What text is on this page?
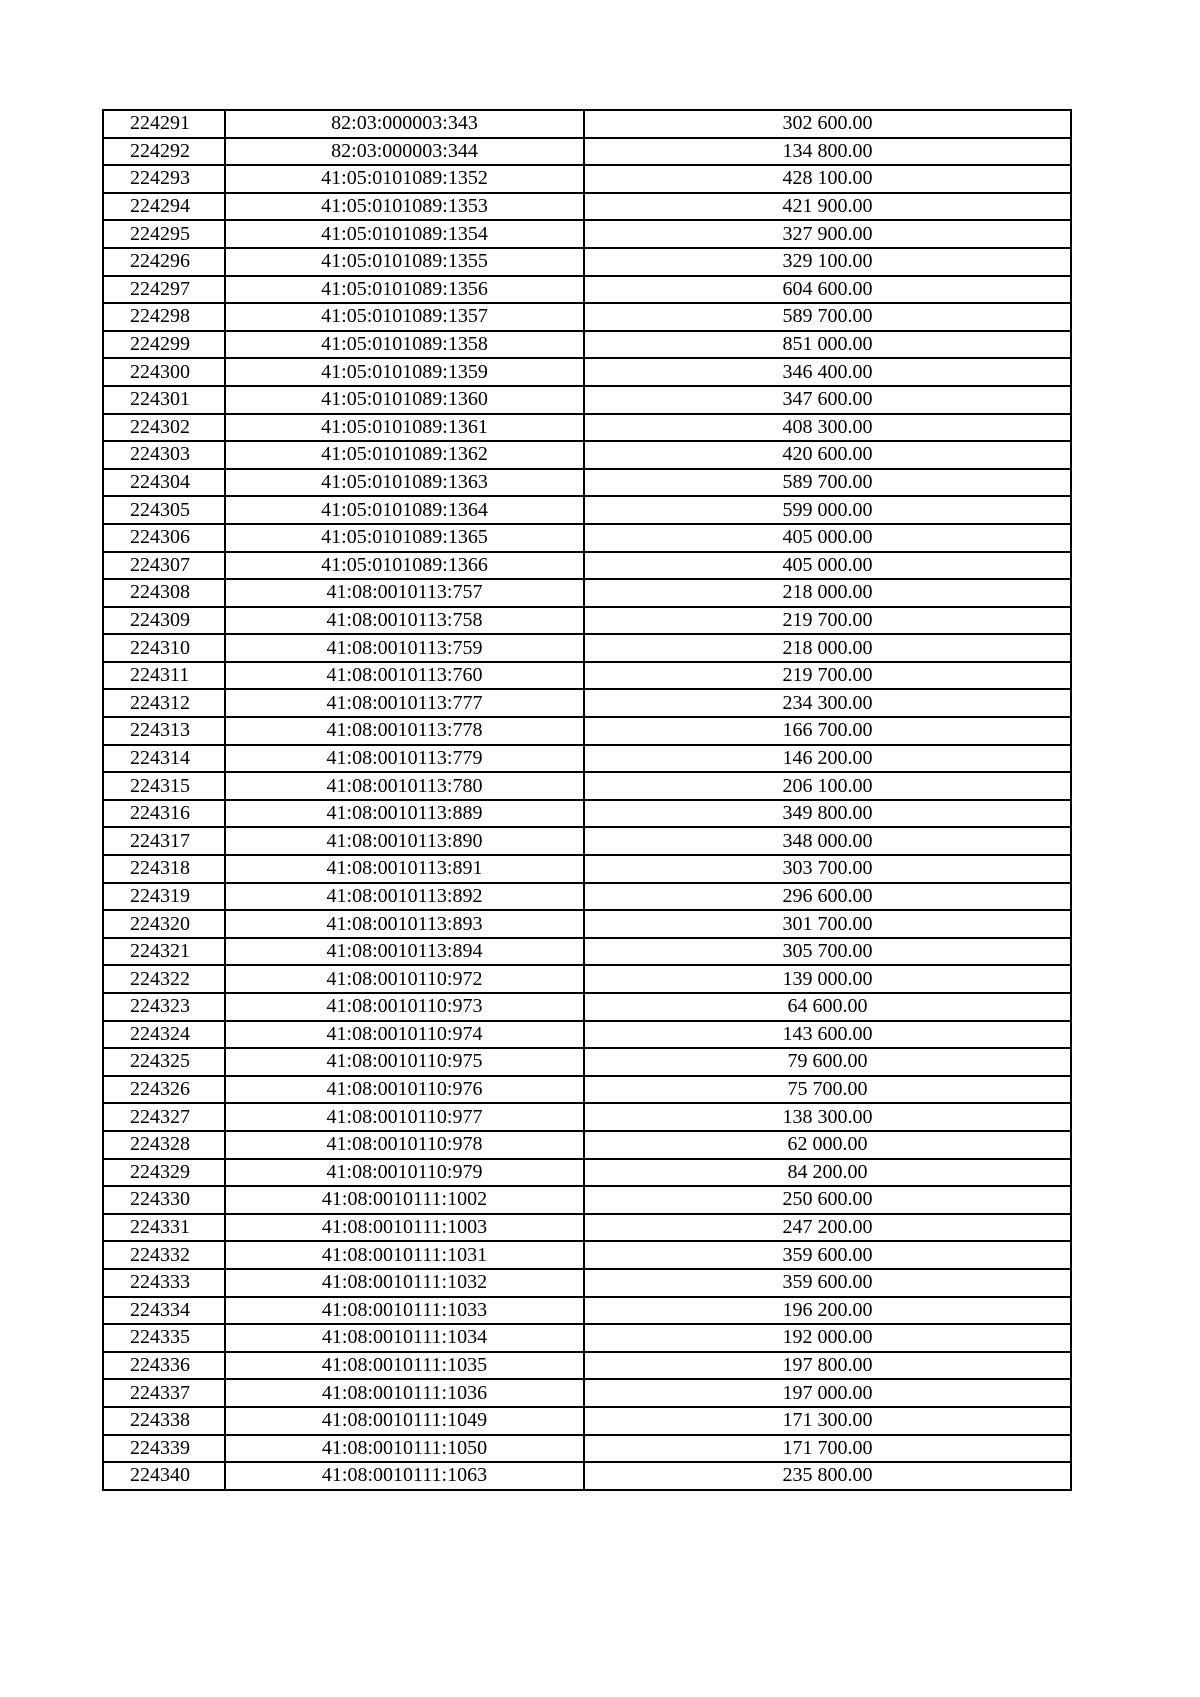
224291	82:03:000003:343	302 600.00
224292	82:03:000003:344	134 800.00
224293	41:05:0101089:1352	428 100.00
224294	41:05:0101089:1353	421 900.00
224295	41:05:0101089:1354	327 900.00
224296	41:05:0101089:1355	329 100.00
224297	41:05:0101089:1356	604 600.00
224298	41:05:0101089:1357	589 700.00
224299	41:05:0101089:1358	851 000.00
224300	41:05:0101089:1359	346 400.00
224301	41:05:0101089:1360	347 600.00
224302	41:05:0101089:1361	408 300.00
224303	41:05:0101089:1362	420 600.00
224304	41:05:0101089:1363	589 700.00
224305	41:05:0101089:1364	599 000.00
224306	41:05:0101089:1365	405 000.00
224307	41:05:0101089:1366	405 000.00
224308	41:08:0010113:757	218 000.00
224309	41:08:0010113:758	219 700.00
224310	41:08:0010113:759	218 000.00
224311	41:08:0010113:760	219 700.00
224312	41:08:0010113:777	234 300.00
224313	41:08:0010113:778	166 700.00
224314	41:08:0010113:779	146 200.00
224315	41:08:0010113:780	206 100.00
224316	41:08:0010113:889	349 800.00
224317	41:08:0010113:890	348 000.00
224318	41:08:0010113:891	303 700.00
224319	41:08:0010113:892	296 600.00
224320	41:08:0010113:893	301 700.00
224321	41:08:0010113:894	305 700.00
224322	41:08:0010110:972	139 000.00
224323	41:08:0010110:973	64 600.00
224324	41:08:0010110:974	143 600.00
224325	41:08:0010110:975	79 600.00
224326	41:08:0010110:976	75 700.00
224327	41:08:0010110:977	138 300.00
224328	41:08:0010110:978	62 000.00
224329	41:08:0010110:979	84 200.00
224330	41:08:0010111:1002	250 600.00
224331	41:08:0010111:1003	247 200.00
224332	41:08:0010111:1031	359 600.00
224333	41:08:0010111:1032	359 600.00
224334	41:08:0010111:1033	196 200.00
224335	41:08:0010111:1034	192 000.00
224336	41:08:0010111:1035	197 800.00
224337	41:08:0010111:1036	197 000.00
224338	41:08:0010111:1049	171 300.00
224339	41:08:0010111:1050	171 700.00
224340	41:08:0010111:1063	235 800.00
